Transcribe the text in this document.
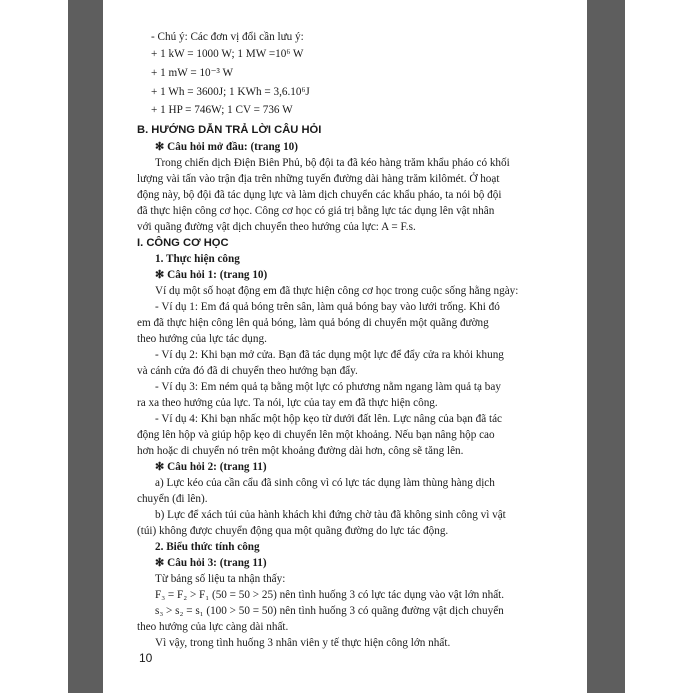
- Chú ý: Các đơn vị đổi cần lưu ý:
+ 1 kW = 1000 W; 1 MW =10⁶ W
+ 1 mW = 10⁻³ W
+ 1 Wh = 3600J; 1 KWh = 3,6.10⁶J
+ 1 HP = 746W; 1 CV = 736 W
B. HƯỚNG DẪN TRẢ LỜI CÂU HỎI
✻ Câu hỏi mở đầu: (trang 10)
Trong chiến dịch Điện Biên Phủ, bộ đội ta đã kéo hàng trăm khẩu pháo có khối
lượng vài tấn vào trận địa trên những tuyến đường dài hàng trăm kilômét. Ở hoạt
động này, bộ đội đã tác dụng lực và làm dịch chuyển các khẩu pháo, ta nói bộ đội
đã thực hiện công cơ học. Công cơ học có giá trị bằng lực tác dụng lên vật nhân
với quãng đường vật dịch chuyển theo hướng của lực: A = F.s.
I. CÔNG CƠ HỌC
1. Thực hiện công
✻ Câu hỏi 1: (trang 10)
Ví dụ một số hoạt động em đã thực hiện công cơ học trong cuộc sống hằng ngày:
- Ví dụ 1: Em đá quả bóng trên sân, làm quả bóng bay vào lưới trống. Khi đó
em đã thực hiện công lên quả bóng, làm quả bóng di chuyển một quãng đường
theo hướng của lực tác dụng.
- Ví dụ 2: Khi bạn mở cửa. Bạn đã tác dụng một lực để đẩy cửa ra khỏi khung
và cánh cửa đó đã di chuyển theo hướng bạn đẩy.
- Ví dụ 3: Em ném quả tạ bằng một lực có phương nằm ngang làm quả tạ bay
ra xa theo hướng của lực. Ta nói, lực của tay em đã thực hiện công.
- Ví dụ 4: Khi bạn nhấc một hộp kẹo từ dưới đất lên. Lực nâng của bạn đã tác
động lên hộp và giúp hộp kẹo di chuyển lên một khoảng. Nếu bạn nâng hộp cao
hơn hoặc di chuyển nó trên một khoảng đường dài hơn, công sẽ tăng lên.
✻ Câu hỏi 2: (trang 11)
a) Lực kéo của cần cẩu đã sinh công vì có lực tác dụng làm thùng hàng dịch
chuyển (đi lên).
b) Lực để xách túi của hành khách khi đứng chờ tàu đã không sinh công vì vật
(túi) không được chuyển động qua một quãng đường do lực tác động.
2. Biểu thức tính công
✻ Câu hỏi 3: (trang 11)
Từ bảng số liệu ta nhận thấy:
F₃ = F₂ > F₁ (50 = 50 > 25) nên tình huống 3 có lực tác dụng vào vật lớn nhất.
s₃ > s₂ = s₁ (100 > 50 = 50) nên tình huống 3 có quãng đường vật dịch chuyển
theo hướng của lực càng dài nhất.
Vì vậy, trong tình huống 3 nhân viên y tế thực hiện công lớn nhất.
10
